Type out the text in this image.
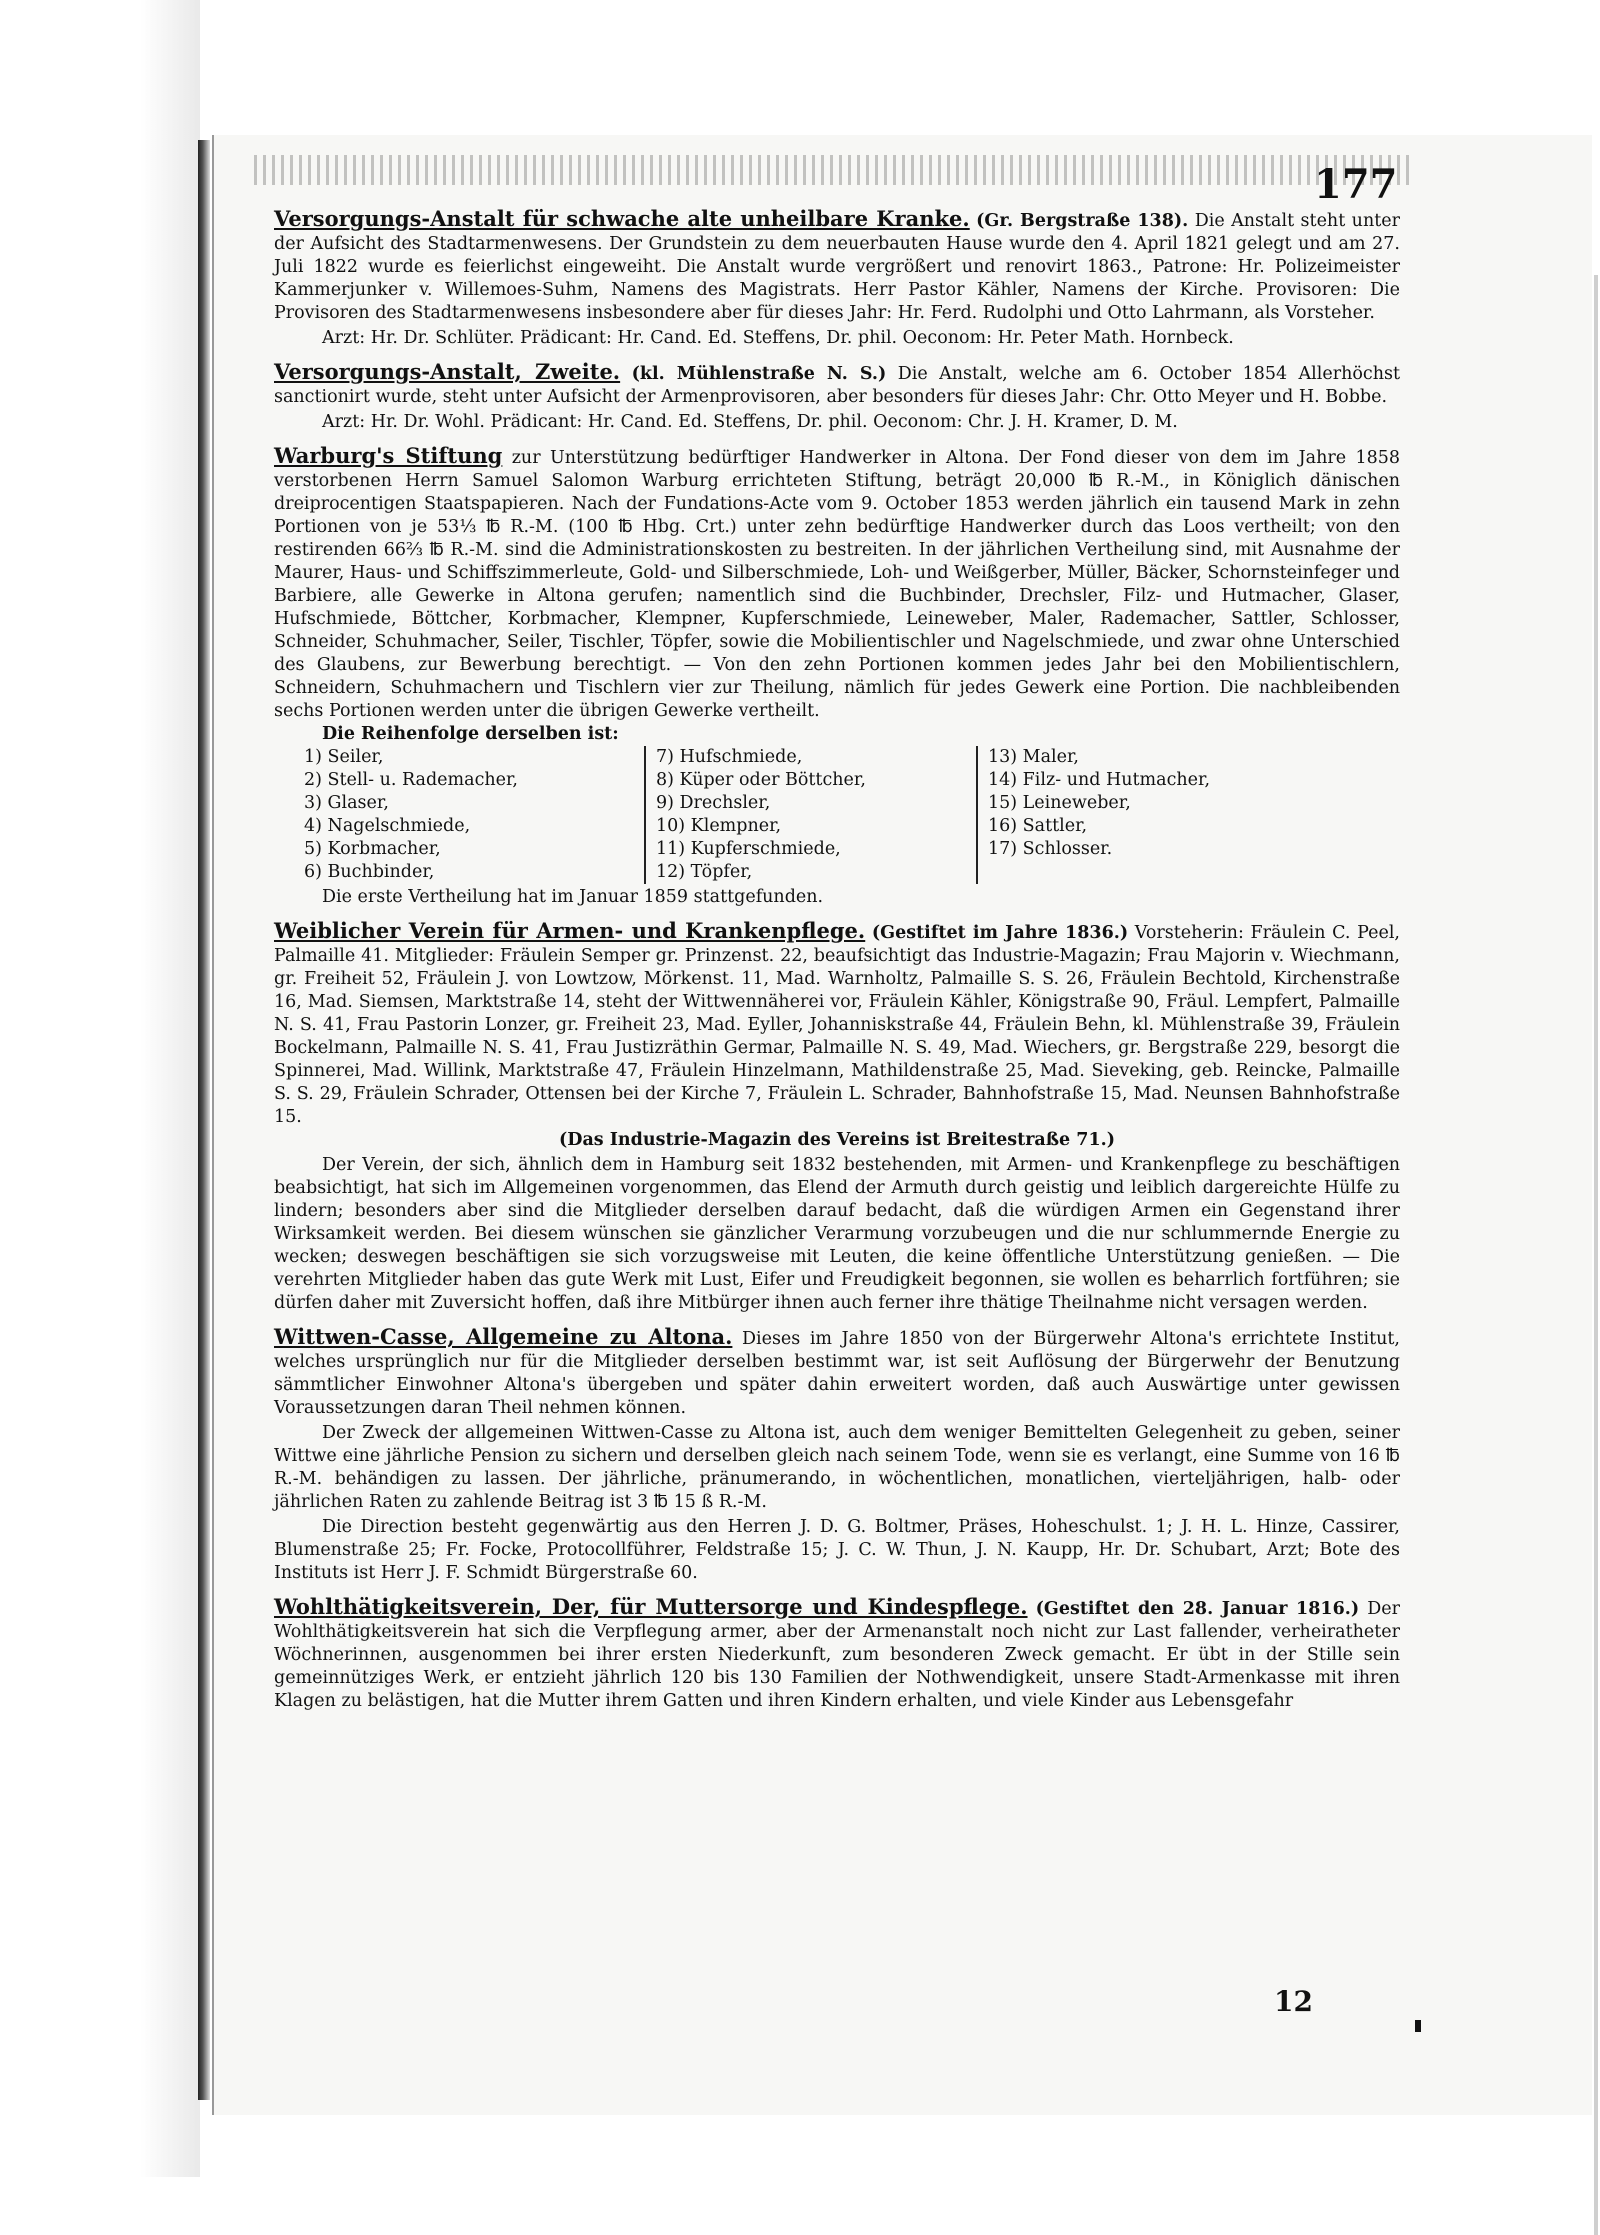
177

Versorgungs-Anstalt für schwache alte unheilbare Kranke. (Gr. Bergstraße 138). Die Anstalt steht unter der Aufsicht des Stadtarmenwesens. Der Grundstein zu dem neuerbauten Hause wurde den 4. April 1821 gelegt und am 27. Juli 1822 wurde es feierlichst eingeweiht. Die Anstalt wurde vergrößert und renovirt 1863., Patrone: Hr. Polizeimeister Kammerjunker v. Willemoes-Suhm, Namens des Magistrats. Herr Pastor Kähler, Namens der Kirche. Provisoren: Die Provisoren des Stadtarmenwesens insbesondere aber für dieses Jahr: Hr. Ferd. Rudolphi und Otto Lahrmann, als Vorsteher.

Arzt: Hr. Dr. Schlüter. Prädicant: Hr. Cand. Ed. Steffens, Dr. phil. Oeconom: Hr. Peter Math. Hornbeck.

Versorgungs-Anstalt, Zweite. (kl. Mühlenstraße N. S.) Die Anstalt, welche am 6. October 1854 Allerhöchst sanctionirt wurde, steht unter Aufsicht der Armenprovisoren, aber besonders für dieses Jahr: Chr. Otto Meyer und H. Bobbe.

Arzt: Hr. Dr. Wohl. Prädicant: Hr. Cand. Ed. Steffens, Dr. phil. Oeconom: Chr. J. H. Kramer, D. M.

Warburg's Stiftung zur Unterstützung bedürftiger Handwerker in Altona. Der Fond dieser von dem im Jahre 1858 verstorbenen Herrn Samuel Salomon Warburg errichteten Stiftung, beträgt 20,000 ℔ R.-M., in Königlich dänischen dreiprocentigen Staatspapieren. Nach der Fundations-Acte vom 9. October 1853 werden jährlich ein tausend Mark in zehn Portionen von je 53⅓ ℔ R.-M. (100 ℔ Hbg. Crt.) unter zehn bedürftige Handwerker durch das Loos vertheilt; von den restirenden 66⅔ ℔ R.-M. sind die Administrationskosten zu bestreiten. In der jährlichen Vertheilung sind, mit Ausnahme der Maurer, Haus- und Schiffszimmerleute, Gold- und Silberschmiede, Loh- und Weißgerber, Müller, Bäcker, Schornsteinfeger und Barbiere, alle Gewerke in Altona gerufen; namentlich sind die Buchbinder, Drechsler, Filz- und Hutmacher, Glaser, Hufschmiede, Böttcher, Korbmacher, Klempner, Kupferschmiede, Leineweber, Maler, Rademacher, Sattler, Schlosser, Schneider, Schuhmacher, Seiler, Tischler, Töpfer, sowie die Mobilientischler und Nagelschmiede, und zwar ohne Unterschied des Glaubens, zur Bewerbung berechtigt. — Von den zehn Portionen kommen jedes Jahr bei den Mobilientischlern, Schneidern, Schuhmachern und Tischlern vier zur Theilung, nämlich für jedes Gewerk eine Portion. Die nachbleibenden sechs Portionen werden unter die übrigen Gewerke vertheilt.

Die Reihenfolge derselben ist:

1) Seiler,
2) Stell- u. Rademacher,
3) Glaser,
4) Nagelschmiede,
5) Korbmacher,
6) Buchbinder,
7) Hufschmiede,
8) Küper oder Böttcher,
9) Drechsler,
10) Klempner,
11) Kupferschmiede,
12) Töpfer,
13) Maler,
14) Filz- und Hutmacher,
15) Leineweber,
16) Sattler,
17) Schlosser.

Die erste Vertheilung hat im Januar 1859 stattgefunden.

Weiblicher Verein für Armen- und Krankenpflege. (Gestiftet im Jahre 1836.) Vorsteherin: Fräulein C. Peel, Palmaille 41. Mitglieder: Fräulein Semper gr. Prinzenst. 22, beaufsichtigt das Industrie-Magazin; Frau Majorin v. Wiechmann, gr. Freiheit 52, Fräulein J. von Lowtzow, Mörkenst. 11, Mad. Warnholtz, Palmaille S. S. 26, Fräulein Bechtold, Kirchenstraße 16, Mad. Siemsen, Marktstraße 14, steht der Wittwennäherei vor, Fräulein Kähler, Königstraße 90, Fräul. Lempfert, Palmaille N. S. 41, Frau Pastorin Lonzer, gr. Freiheit 23, Mad. Eyller, Johanniskstraße 44, Fräulein Behn, kl. Mühlenstraße 39, Fräulein Bockelmann, Palmaille N. S. 41, Frau Justizräthin Germar, Palmaille N. S. 49, Mad. Wiechers, gr. Bergstraße 229, besorgt die Spinnerei, Mad. Willink, Marktstraße 47, Fräulein Hinzelmann, Mathildenstraße 25, Mad. Sieveking, geb. Reincke, Palmaille S. S. 29, Fräulein Schrader, Ottensen bei der Kirche 7, Fräulein L. Schrader, Bahnhofstraße 15, Mad. Neunsen Bahnhofstraße 15.

(Das Industrie-Magazin des Vereins ist Breitestraße 71.)

Der Verein, der sich, ähnlich dem in Hamburg seit 1832 bestehenden, mit Armen- und Krankenpflege zu beschäftigen beabsichtigt, hat sich im Allgemeinen vorgenommen, das Elend der Armuth durch geistig und leiblich dargereichte Hülfe zu lindern; besonders aber sind die Mitglieder derselben darauf bedacht, daß die würdigen Armen ein Gegenstand ihrer Wirksamkeit werden. Bei diesem wünschen sie gänzlicher Verarmung vorzubeugen und die nur schlummernde Energie zu wecken; deswegen beschäftigen sie sich vorzugsweise mit Leuten, die keine öffentliche Unterstützung genießen. — Die verehrten Mitglieder haben das gute Werk mit Lust, Eifer und Freudigkeit begonnen, sie wollen es beharrlich fortführen; sie dürfen daher mit Zuversicht hoffen, daß ihre Mitbürger ihnen auch ferner ihre thätige Theilnahme nicht versagen werden.

Wittwen-Casse, Allgemeine zu Altona. Dieses im Jahre 1850 von der Bürgerwehr Altona's errichtete Institut, welches ursprünglich nur für die Mitglieder derselben bestimmt war, ist seit Auflösung der Bürgerwehr der Benutzung sämmtlicher Einwohner Altona's übergeben und später dahin erweitert worden, daß auch Auswärtige unter gewissen Voraussetzungen daran Theil nehmen können.

Der Zweck der allgemeinen Wittwen-Casse zu Altona ist, auch dem weniger Bemittelten Gelegenheit zu geben, seiner Wittwe eine jährliche Pension zu sichern und derselben gleich nach seinem Tode, wenn sie es verlangt, eine Summe von 16 ℔ R.-M. behändigen zu lassen. Der jährliche, pränumerando, in wöchentlichen, monatlichen, vierteljährigen, halb- oder jährlichen Raten zu zahlende Beitrag ist 3 ℔ 15 ß R.-M.

Die Direction besteht gegenwärtig aus den Herren J. D. G. Boltmer, Präses, Hoheschulst. 1; J. H. L. Hinze, Cassirer, Blumenstraße 25; Fr. Focke, Protocollführer, Feldstraße 15; J. C. W. Thun, J. N. Kaupp, Hr. Dr. Schubart, Arzt; Bote des Instituts ist Herr J. F. Schmidt Bürgerstraße 60.

Wohlthätigkeitsverein, Der, für Muttersorge und Kindespflege. (Gestiftet den 28. Januar 1816.) Der Wohlthätigkeitsverein hat sich die Verpflegung armer, aber der Armenanstalt noch nicht zur Last fallender, verheiratheter Wöchnerinnen, ausgenommen bei ihrer ersten Niederkunft, zum besonderen Zweck gemacht. Er übt in der Stille sein gemeinnütziges Werk, er entzieht jährlich 120 bis 130 Familien der Nothwendigkeit, unsere Stadt-Armenkasse mit ihren Klagen zu belästigen, hat die Mutter ihrem Gatten und ihren Kindern erhalten, und viele Kinder aus Lebensgefahr

12
